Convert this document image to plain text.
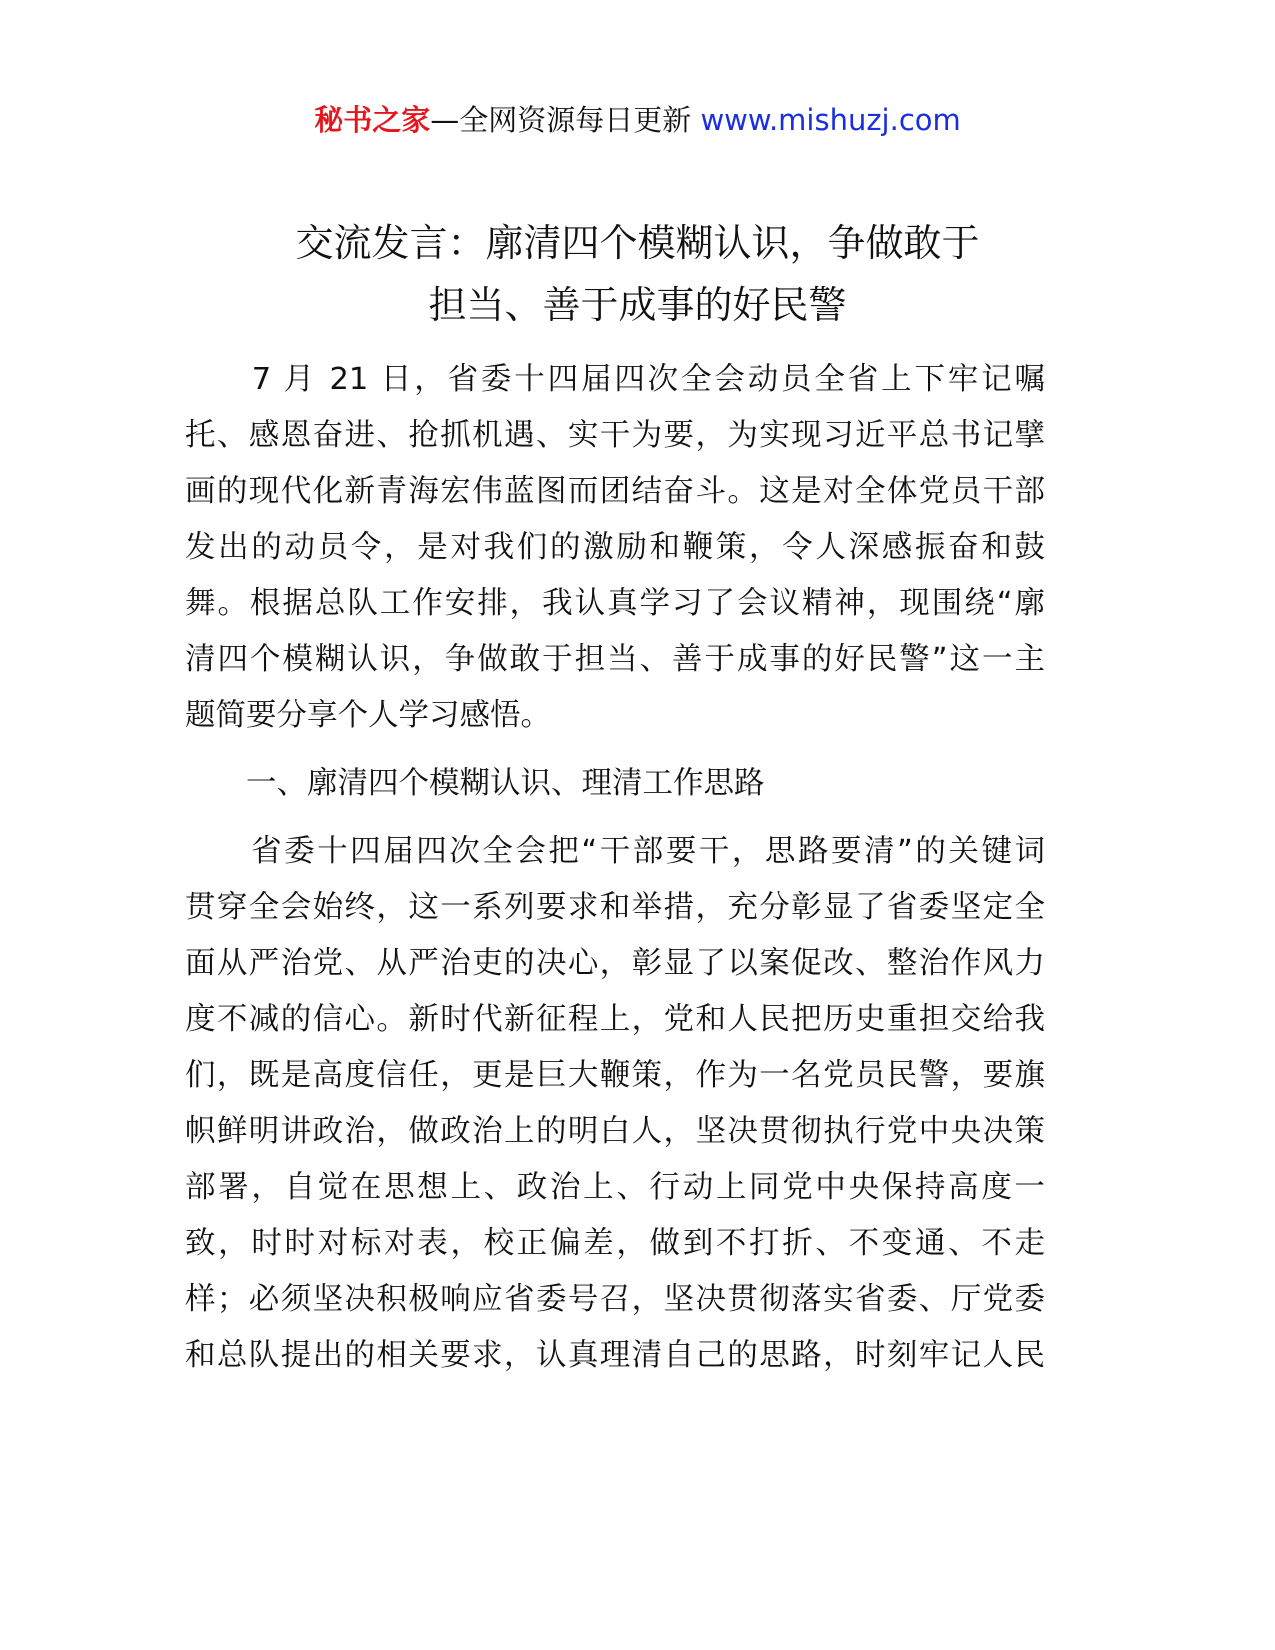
秘书之家—全网资源每日更新 www.mishuzj.com
交流发言：廓清四个模糊认识，争做敢于
担当、善于成事的好民警

　　7 月 21 日，省委十四届四次全会动员全省上下牢记嘱
托、感恩奋进、抢抓机遇、实干为要，为实现习近平总书记擘
画的现代化新青海宏伟蓝图而团结奋斗。这是对全体党员干部
发出的动员令，是对我们的激励和鞭策，令人深感振奋和鼓
舞。根据总队工作安排，我认真学习了会议精神，现围绕“廓
清四个模糊认识，争做敢于担当、善于成事的好民警”这一主
题简要分享个人学习感悟。

　　一、廓清四个模糊认识、理清工作思路

　　省委十四届四次全会把“干部要干，思路要清”的关键词
贯穿全会始终，这一系列要求和举措，充分彰显了省委坚定全
面从严治党、从严治吏的决心，彰显了以案促改、整治作风力
度不减的信心。新时代新征程上，党和人民把历史重担交给我
们，既是高度信任，更是巨大鞭策，作为一名党员民警，要旗
帜鲜明讲政治，做政治上的明白人，坚决贯彻执行党中央决策
部署，自觉在思想上、政治上、行动上同党中央保持高度一
致，时时对标对表，校正偏差，做到不打折、不变通、不走
样；必须坚决积极响应省委号召，坚决贯彻落实省委、厅党委
和总队提出的相关要求，认真理清自己的思路，时刻牢记人民
